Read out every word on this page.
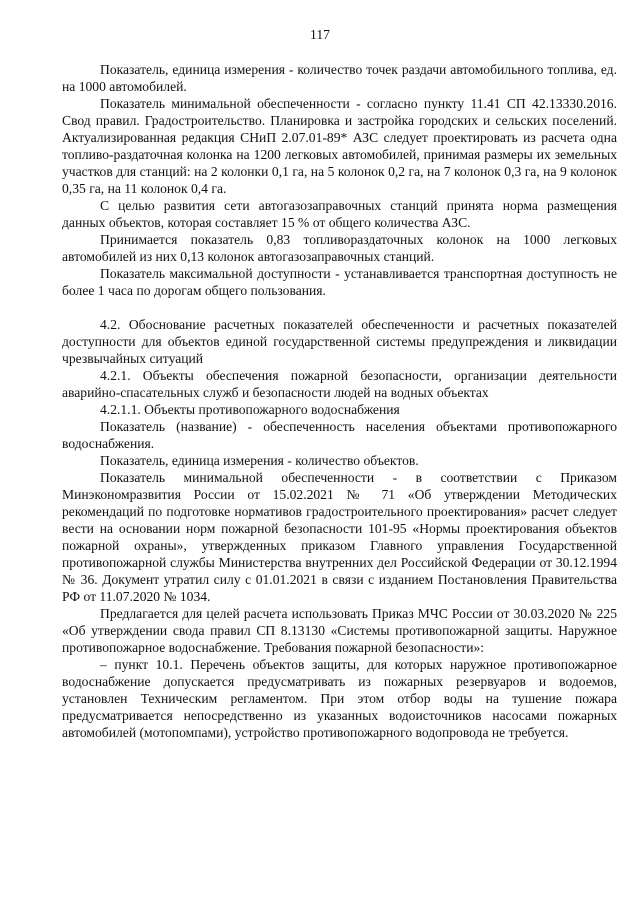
117

Показатель, единица измерения - количество точек раздачи автомобильного топлива, ед. на 1000 автомобилей.

Показатель минимальной обеспеченности - согласно пункту 11.41 СП 42.13330.2016. Свод правил. Градостроительство. Планировка и застройка городских и сельских поселений. Актуализированная редакция СНиП 2.07.01-89* АЗС следует проектировать из расчета одна топливо-раздаточная колонка на 1200 легковых автомобилей, принимая размеры их земельных участков для станций: на 2 колонки 0,1 га, на 5 колонок 0,2 га, на 7 колонок 0,3 га, на 9 колонок 0,35 га, на 11 колонок 0,4 га.

С целью развития сети автогазозаправочных станций принята норма размещения данных объектов, которая составляет 15 % от общего количества АЗС.

Принимается показатель 0,83 топливораздаточных колонок на 1000 легковых автомобилей из них 0,13 колонок автогазозаправочных станций.

Показатель максимальной доступности - устанавливается транспортная доступность не более 1 часа по дорогам общего пользования.

4.2. Обоснование расчетных показателей обеспеченности и расчетных показателей доступности для объектов единой государственной системы предупреждения и ликвидации чрезвычайных ситуаций

4.2.1. Объекты обеспечения пожарной безопасности, организации деятельности аварийно-спасательных служб и безопасности людей на водных объектах

4.2.1.1. Объекты противопожарного водоснабжения

Показатель (название) - обеспеченность населения объектами противопожарного водоснабжения.

Показатель, единица измерения - количество объектов.

Показатель минимальной обеспеченности - в соответствии с Приказом Минэкономразвития России от 15.02.2021 № 71 «Об утверждении Методических рекомендаций по подготовке нормативов градостроительного проектирования» расчет следует вести на основании норм пожарной безопасности 101-95 «Нормы проектирования объектов пожарной охраны», утвержденных приказом Главного управления Государственной противопожарной службы Министерства внутренних дел Российской Федерации от 30.12.1994 № 36. Документ утратил силу с 01.01.2021 в связи с изданием Постановления Правительства РФ от 11.07.2020 № 1034.

Предлагается для целей расчета использовать Приказ МЧС России от 30.03.2020 № 225 «Об утверждении свода правил СП 8.13130 «Системы противопожарной защиты. Наружное противопожарное водоснабжение. Требования пожарной безопасности»:

– пункт 10.1. Перечень объектов защиты, для которых наружное противопожарное водоснабжение допускается предусматривать из пожарных резервуаров и водоемов, установлен Техническим регламентом. При этом отбор воды на тушение пожара предусматривается непосредственно из указанных водоисточников насосами пожарных автомобилей (мотопомпами), устройство противопожарного водопровода не требуется.
